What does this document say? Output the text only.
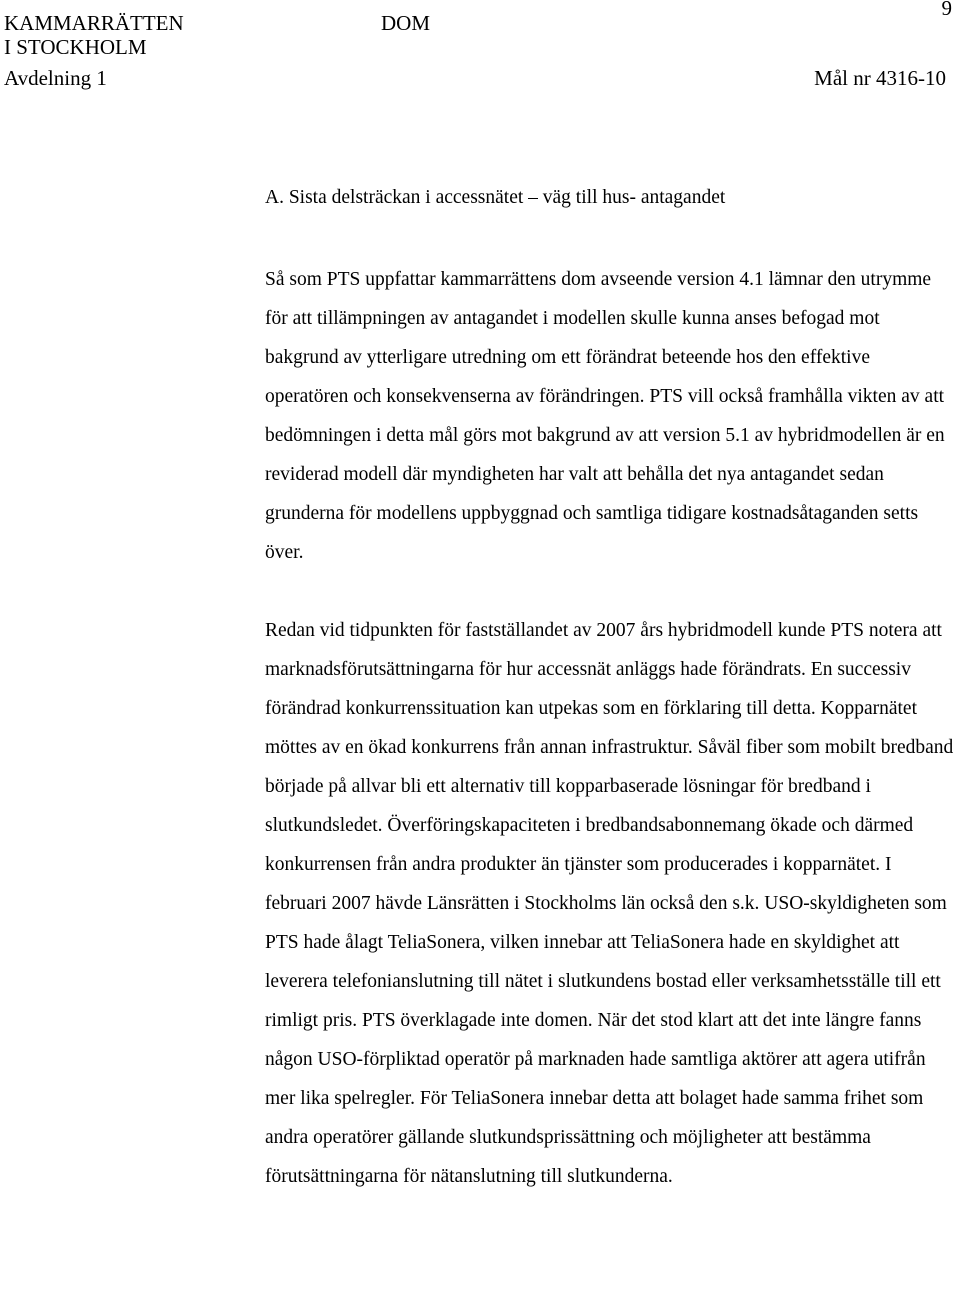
9
KAMMARRÄTTEN
I STOCKHOLM
DOM
Avdelning 1	Mål nr 4316-10
A. Sista delsträckan i accessnätet – väg till hus- antagandet

Så som PTS uppfattar kammarrättens dom avseende version 4.1 lämnar den utrymme för att tillämpningen av antagandet i modellen skulle kunna anses befogad mot bakgrund av ytterligare utredning om ett förändrat beteende hos den effektive operatören och konsekvenserna av förändringen. PTS vill också framhålla vikten av att bedömningen i detta mål görs mot bakgrund av att version 5.1 av hybridmodellen är en reviderad modell där myndigheten har valt att behålla det nya antagandet sedan grunderna för modellens uppbyggnad och samtliga tidigare kostnadsåtaganden setts över.

Redan vid tidpunkten för fastställandet av 2007 års hybridmodell kunde PTS notera att marknadsförutsättningarna för hur accessnät anläggs hade förändrats. En successiv förändrad konkurrenssituation kan utpekas som en förklaring till detta. Kopparnätet möttes av en ökad konkurrens från annan infrastruktur. Såväl fiber som mobilt bredband började på allvar bli ett alternativ till kopparbaserade lösningar för bredband i slutkundsledet. Överföringskapaciteten i bredbandsabonnemang ökade och därmed konkurrensen från andra produkter än tjänster som producerades i kopparnätet. I februari 2007 hävde Länsrätten i Stockholms län också den s.k. USO-skyldigheten som PTS hade ålagt TeliaSonera, vilken innebar att TeliaSonera hade en skyldighet att leverera telefonianslutning till nätet i slutkundens bostad eller verksamhetsställe till ett rimligt pris. PTS överklagade inte domen. När det stod klart att det inte längre fanns någon USO-förpliktad operatör på marknaden hade samtliga aktörer att agera utifrån mer lika spelregler. För TeliaSonera innebar detta att bolaget hade samma frihet som andra operatörer gällande slutkundsprissättning och möjligheter att bestämma förutsättningarna för nätanslutning till slutkunderna.
